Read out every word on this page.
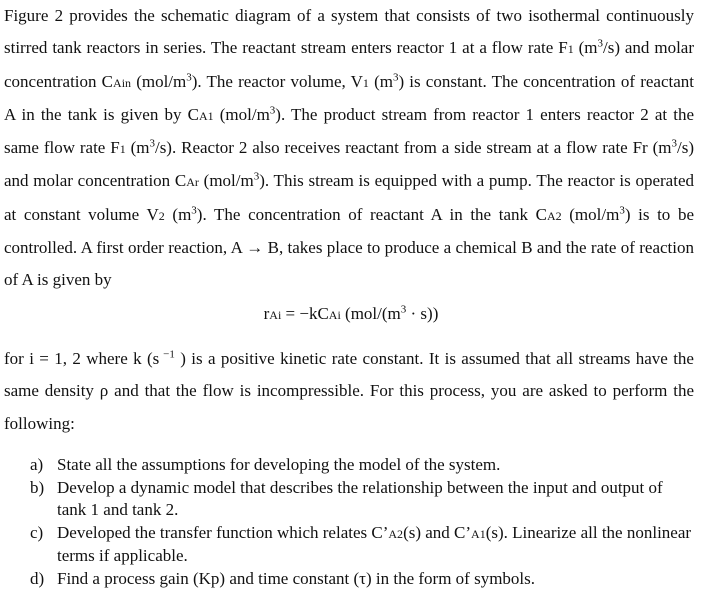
Figure 2 provides the schematic diagram of a system that consists of two isothermal continuously stirred tank reactors in series. The reactant stream enters reactor 1 at a flow rate F1 $(m^3/s)$ and molar concentration CAin $(mol/m^3)$. The reactor volume, V1 $(m^3)$ is constant. The concentration of reactant A in the tank is given by CA1 $(mol/m^3)$. The product stream from reactor 1 enters reactor 2 at the same flow rate F1 $(m^3/s)$. Reactor 2 also receives reactant from a side stream at a flow rate Fr $(m^3/s)$ and molar concentration CAr $(mol/m^3)$. This stream is equipped with a pump. The reactor is operated at constant volume V2 $(m^3)$. The concentration of reactant A in the tank CA2 $(mol/m^3)$ is to be controlled. A first order reaction, A → B, takes place to produce a chemical B and the rate of reaction of A is given by

rAi = −kCAi $(mol/(m^3 \cdot s))$

for i = 1, 2 where k (s $^{-1}$ ) is a positive kinetic rate constant. It is assumed that all streams have the same density ρ and that the flow is incompressible. For this process, you are asked to perform the following:

a) State all the assumptions for developing the model of the system.
b) Develop a dynamic model that describes the relationship between the input and output of tank 1 and tank 2.
c) Developed the transfer function which relates C’A2(s) and C’A1(s). Linearize all the nonlinear terms if applicable.
d) Find a process gain (Kp) and time constant (τ) in the form of symbols.
